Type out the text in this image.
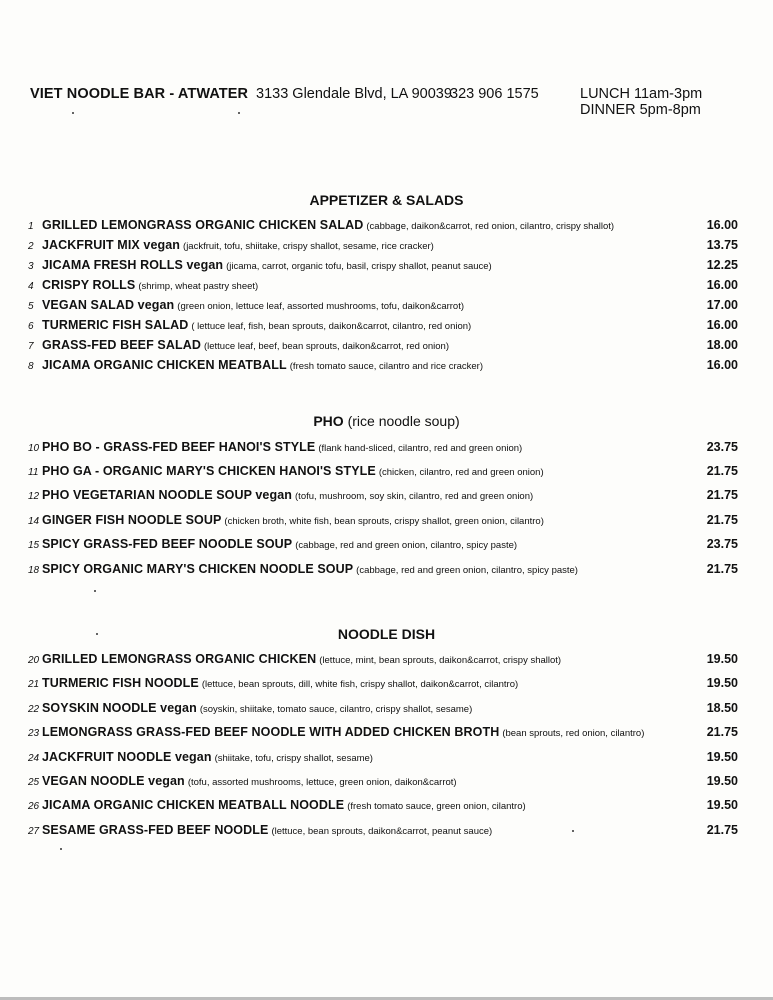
VIET NOODLE BAR - ATWATER 3133 Glendale Blvd, LA 90039
323 906 1575	LUNCH 11am-3pm
DINNER 5pm-8pm
APPETIZER & SALADS
1 GRILLED LEMONGRASS ORGANIC CHICKEN SALAD (cabbage, daikon&carrot, red onion, cilantro, crispy shallot)	16.00
2 JACKFRUIT MIX vegan (jackfruit, tofu, shiitake, crispy shallot, sesame, rice cracker)	13.75
3 JICAMA FRESH ROLLS vegan (jicama, carrot, organic tofu, basil, crispy shallot, peanut sauce)	12.25
4 CRISPY ROLLS (shrimp, wheat pastry sheet)	16.00
5 VEGAN SALAD vegan (green onion, lettuce leaf, assorted mushrooms, tofu, daikon&carrot)	17.00
6 TURMERIC FISH SALAD ( lettuce leaf, fish, bean sprouts, daikon&carrot, cilantro, red onion)	16.00
7 GRASS-FED BEEF SALAD (lettuce leaf, beef, bean sprouts, daikon&carrot, red onion)	18.00
8 JICAMA ORGANIC CHICKEN MEATBALL (fresh tomato sauce, cilantro and rice cracker)	16.00
PHO (rice noodle soup)
10 PHO BO - GRASS-FED BEEF HANOI'S STYLE (flank hand-sliced, cilantro, red and green onion)	23.75
11 PHO GA - ORGANIC MARY'S CHICKEN HANOI'S STYLE (chicken, cilantro, red and green onion)	21.75
12 PHO VEGETARIAN NOODLE SOUP vegan (tofu, mushroom, soy skin, cilantro, red and green onion)	21.75
14 GINGER FISH NOODLE SOUP (chicken broth, white fish, bean sprouts, crispy shallot, green onion, cilantro)	21.75
15 SPICY GRASS-FED BEEF NOODLE SOUP (cabbage, red and green onion, cilantro, spicy paste)	23.75
18 SPICY ORGANIC MARY'S CHICKEN NOODLE SOUP (cabbage, red and green onion, cilantro, spicy paste)	21.75
NOODLE DISH
20 GRILLED LEMONGRASS ORGANIC CHICKEN (lettuce, mint, bean sprouts, daikon&carrot, crispy shallot)	19.50
21 TURMERIC FISH NOODLE (lettuce, bean sprouts, dill, white fish, crispy shallot, daikon&carrot, cilantro)	19.50
22 SOYSKIN NOODLE vegan (soyskin, shiitake, tomato sauce, cilantro, crispy shallot, sesame)	18.50
23 LEMONGRASS GRASS-FED BEEF NOODLE WITH ADDED CHICKEN BROTH (bean sprouts, red onion, cilantro)	21.75
24 JACKFRUIT NOODLE vegan (shiitake, tofu, crispy shallot, sesame)	19.50
25 VEGAN NOODLE vegan (tofu, assorted mushrooms, lettuce, green onion, daikon&carrot)	19.50
26 JICAMA ORGANIC CHICKEN MEATBALL NOODLE (fresh tomato sauce, green onion, cilantro)	19.50
27 SESAME GRASS-FED BEEF NOODLE (lettuce, bean sprouts, daikon&carrot, peanut sauce)	21.75
